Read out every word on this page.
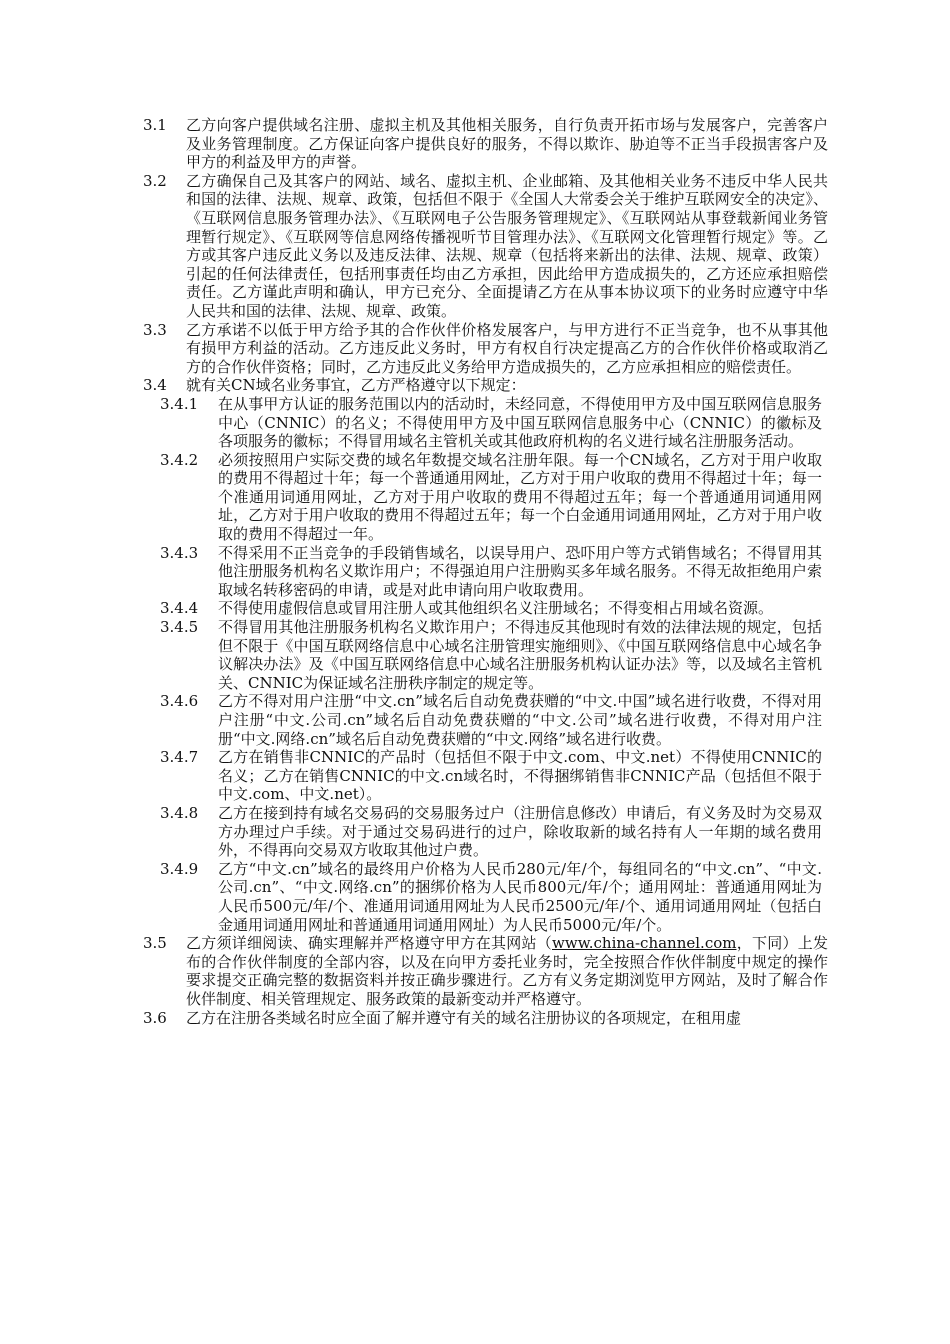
3.1 乙方向客户提供域名注册、虚拟主机及其他相关服务，自行负责开拓市场与发展客户，完善客户及业务管理制度。乙方保证向客户提供良好的服务，不得以欺诈、胁迫等不正当手段损害客户及甲方的利益及甲方的声誉。
3.2 乙方确保自己及其客户的网站、域名、虚拟主机、企业邮箱、及其他相关业务不违反中华人民共和国的法律、法规、规章、政策，包括但不限于《全国人大常委会关于维护互联网安全的决定》、《互联网信息服务管理办法》、《互联网电子公告服务管理规定》、《互联网站从事登载新闻业务管理暂行规定》、《互联网等信息网络传播视听节目管理办法》、《互联网文化管理暂行规定》等。乙方或其客户违反此义务以及违反法律、法规、规章（包括将来新出的法律、法规、规章、政策）引起的任何法律责任，包括刑事责任均由乙方承担，因此给甲方造成损失的，乙方还应承担赔偿责任。乙方谨此声明和确认，甲方已充分、全面提请乙方在从事本协议项下的业务时应遵守中华人民共和国的法律、法规、规章、政策。
3.3 乙方承诺不以低于甲方给予其的合作伙伴价格发展客户，与甲方进行不正当竞争，也不从事其他有损甲方利益的活动。乙方违反此义务时，甲方有权自行决定提高乙方的合作伙伴价格或取消乙方的合作伙伴资格；同时，乙方违反此义务给甲方造成损失的，乙方应承担相应的赔偿责任。
3.4 就有关CN域名业务事宜，乙方严格遵守以下规定：
3.4.1 在从事甲方认证的服务范围以内的活动时，未经同意，不得使用甲方及中国互联网信息服务中心（CNNIC）的名义；不得使用甲方及中国互联网信息服务中心（CNNIC）的徽标及各项服务的徽标；不得冒用域名主管机关或其他政府机构的名义进行域名注册服务活动。
3.4.2 必须按照用户实际交费的域名年数提交域名注册年限。每一个CN域名，乙方对于用户收取的费用不得超过十年；每一个普通通用网址，乙方对于用户收取的费用不得超过十年；每一个准通用词通用网址，乙方对于用户收取的费用不得超过五年；每一个普通通用词通用网址，乙方对于用户收取的费用不得超过五年；每一个白金通用词通用网址，乙方对于用户收取的费用不得超过一年。
3.4.3 不得采用不正当竞争的手段销售域名，以误导用户、恐吓用户等方式销售域名；不得冒用其他注册服务机构名义欺诈用户；不得强迫用户注册购买多年域名服务。不得无故拒绝用户索取域名转移密码的申请，或是对此申请向用户收取费用。
3.4.4 不得使用虚假信息或冒用注册人或其他组织名义注册域名；不得变相占用域名资源。
3.4.5 不得冒用其他注册服务机构名义欺诈用户；不得违反其他现时有效的法律法规的规定，包括但不限于《中国互联网络信息中心域名注册管理实施细则》、《中国互联网络信息中心域名争议解决办法》及《中国互联网络信息中心域名注册服务机构认证办法》等，以及域名主管机关、CNNIC为保证域名注册秩序制定的规定等。
3.4.6 乙方不得对用户注册“中文.cn”域名后自动免费获赠的“中文.中国”域名进行收费，不得对用户注册“中文.公司.cn”域名后自动免费获赠的“中文.公司”域名进行收费，不得对用户注册“中文.网络.cn”域名后自动免费获赠的“中文.网络”域名进行收费。
3.4.7 乙方在销售非CNNIC的产品时（包括但不限于中文.com、中文.net）不得使用CNNIC的名义；乙方在销售CNNIC的中文.cn域名时，不得捆绑销售非CNNIC产品（包括但不限于中文.com、中文.net）。
3.4.8 乙方在接到持有域名交易码的交易服务过户（注册信息修改）申请后，有义务及时为交易双方办理过户手续。对于通过交易码进行的过户，除收取新的域名持有人一年期的域名费用外，不得再向交易双方收取其他过户费。
3.4.9 乙方“中文.cn”域名的最终用户价格为人民币280元/年/个，每组同名的“中文.cn”、“中文.公司.cn”、“中文.网络.cn”的捆绑价格为人民币800元/年/个；通用网址：普通通用网址为人民币500元/年/个、准通用词通用网址为人民币2500元/年/个、通用词通用网址（包括白金通用词通用网址和普通通用词通用网址）为人民币5000元/年/个。
3.5 乙方须详细阅读、确实理解并严格遵守甲方在其网站（www.china-channel.com，下同）上发布的合作伙伴制度的全部内容，以及在向甲方委托业务时，完全按照合作伙伴制度中规定的操作要求提交正确完整的数据资料并按正确步骤进行。乙方有义务定期浏览甲方网站，及时了解合作伙伴制度、相关管理规定、服务政策的最新变动并严格遵守。
3.6 乙方在注册各类域名时应全面了解并遵守有关的域名注册协议的各项规定，在租用虚
